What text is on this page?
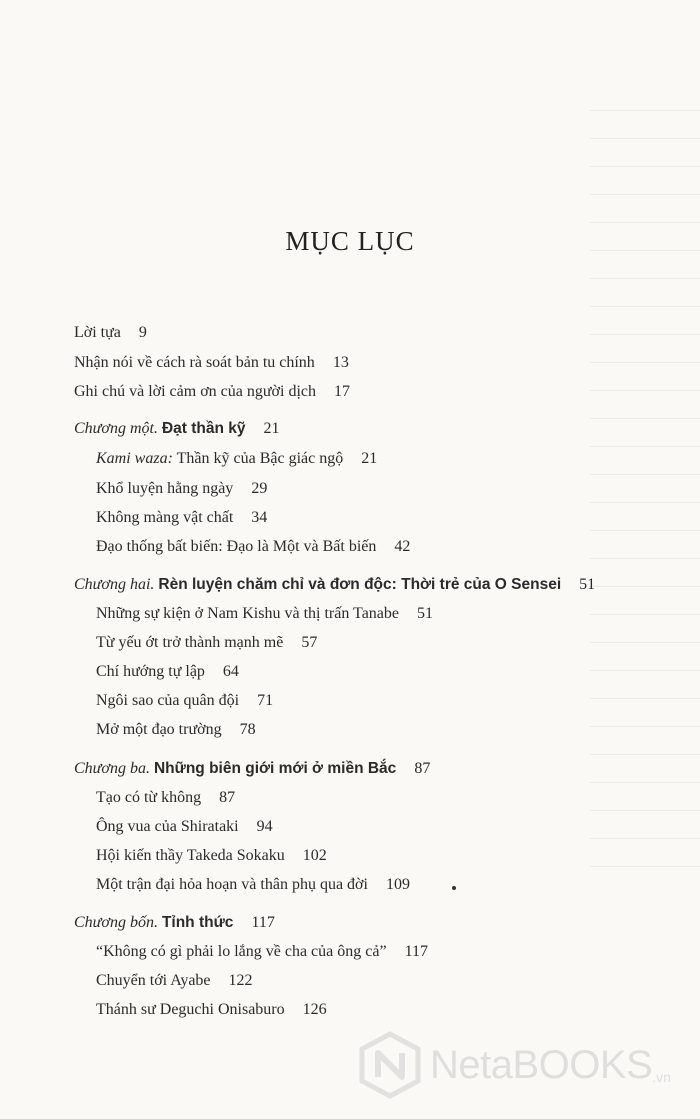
MỤC LỤC
Lời tựa 9
Nhận nói về cách rà soát bản tu chính 13
Ghi chú và lời cảm ơn của người dịch 17
Chương một. Đạt thần kỹ 21
Kami waza: Thần kỹ của Bậc giác ngộ 21
Khổ luyện hằng ngày 29
Không màng vật chất 34
Đạo thống bất biến: Đạo là Một và Bất biến 42
Chương hai. Rèn luyện chăm chỉ và đơn độc: Thời trẻ của O Sensei 51
Những sự kiện ở Nam Kishu và thị trấn Tanabe 51
Từ yếu ớt trở thành mạnh mẽ 57
Chí hướng tự lập 64
Ngôi sao của quân đội 71
Mở một đạo trường 78
Chương ba. Những biên giới mới ở miền Bắc 87
Tạo có từ không 87
Ông vua của Shirataki 94
Hội kiến thầy Takeda Sokaku 102
Một trận đại hỏa hoạn và thân phụ qua đời 109
Chương bốn. Tỉnh thức 117
“Không có gì phải lo lắng về cha của ông cả” 117
Chuyển tới Ayabe 122
Thánh sư Deguchi Onisaburo 126
NetaBOOKS .vn
